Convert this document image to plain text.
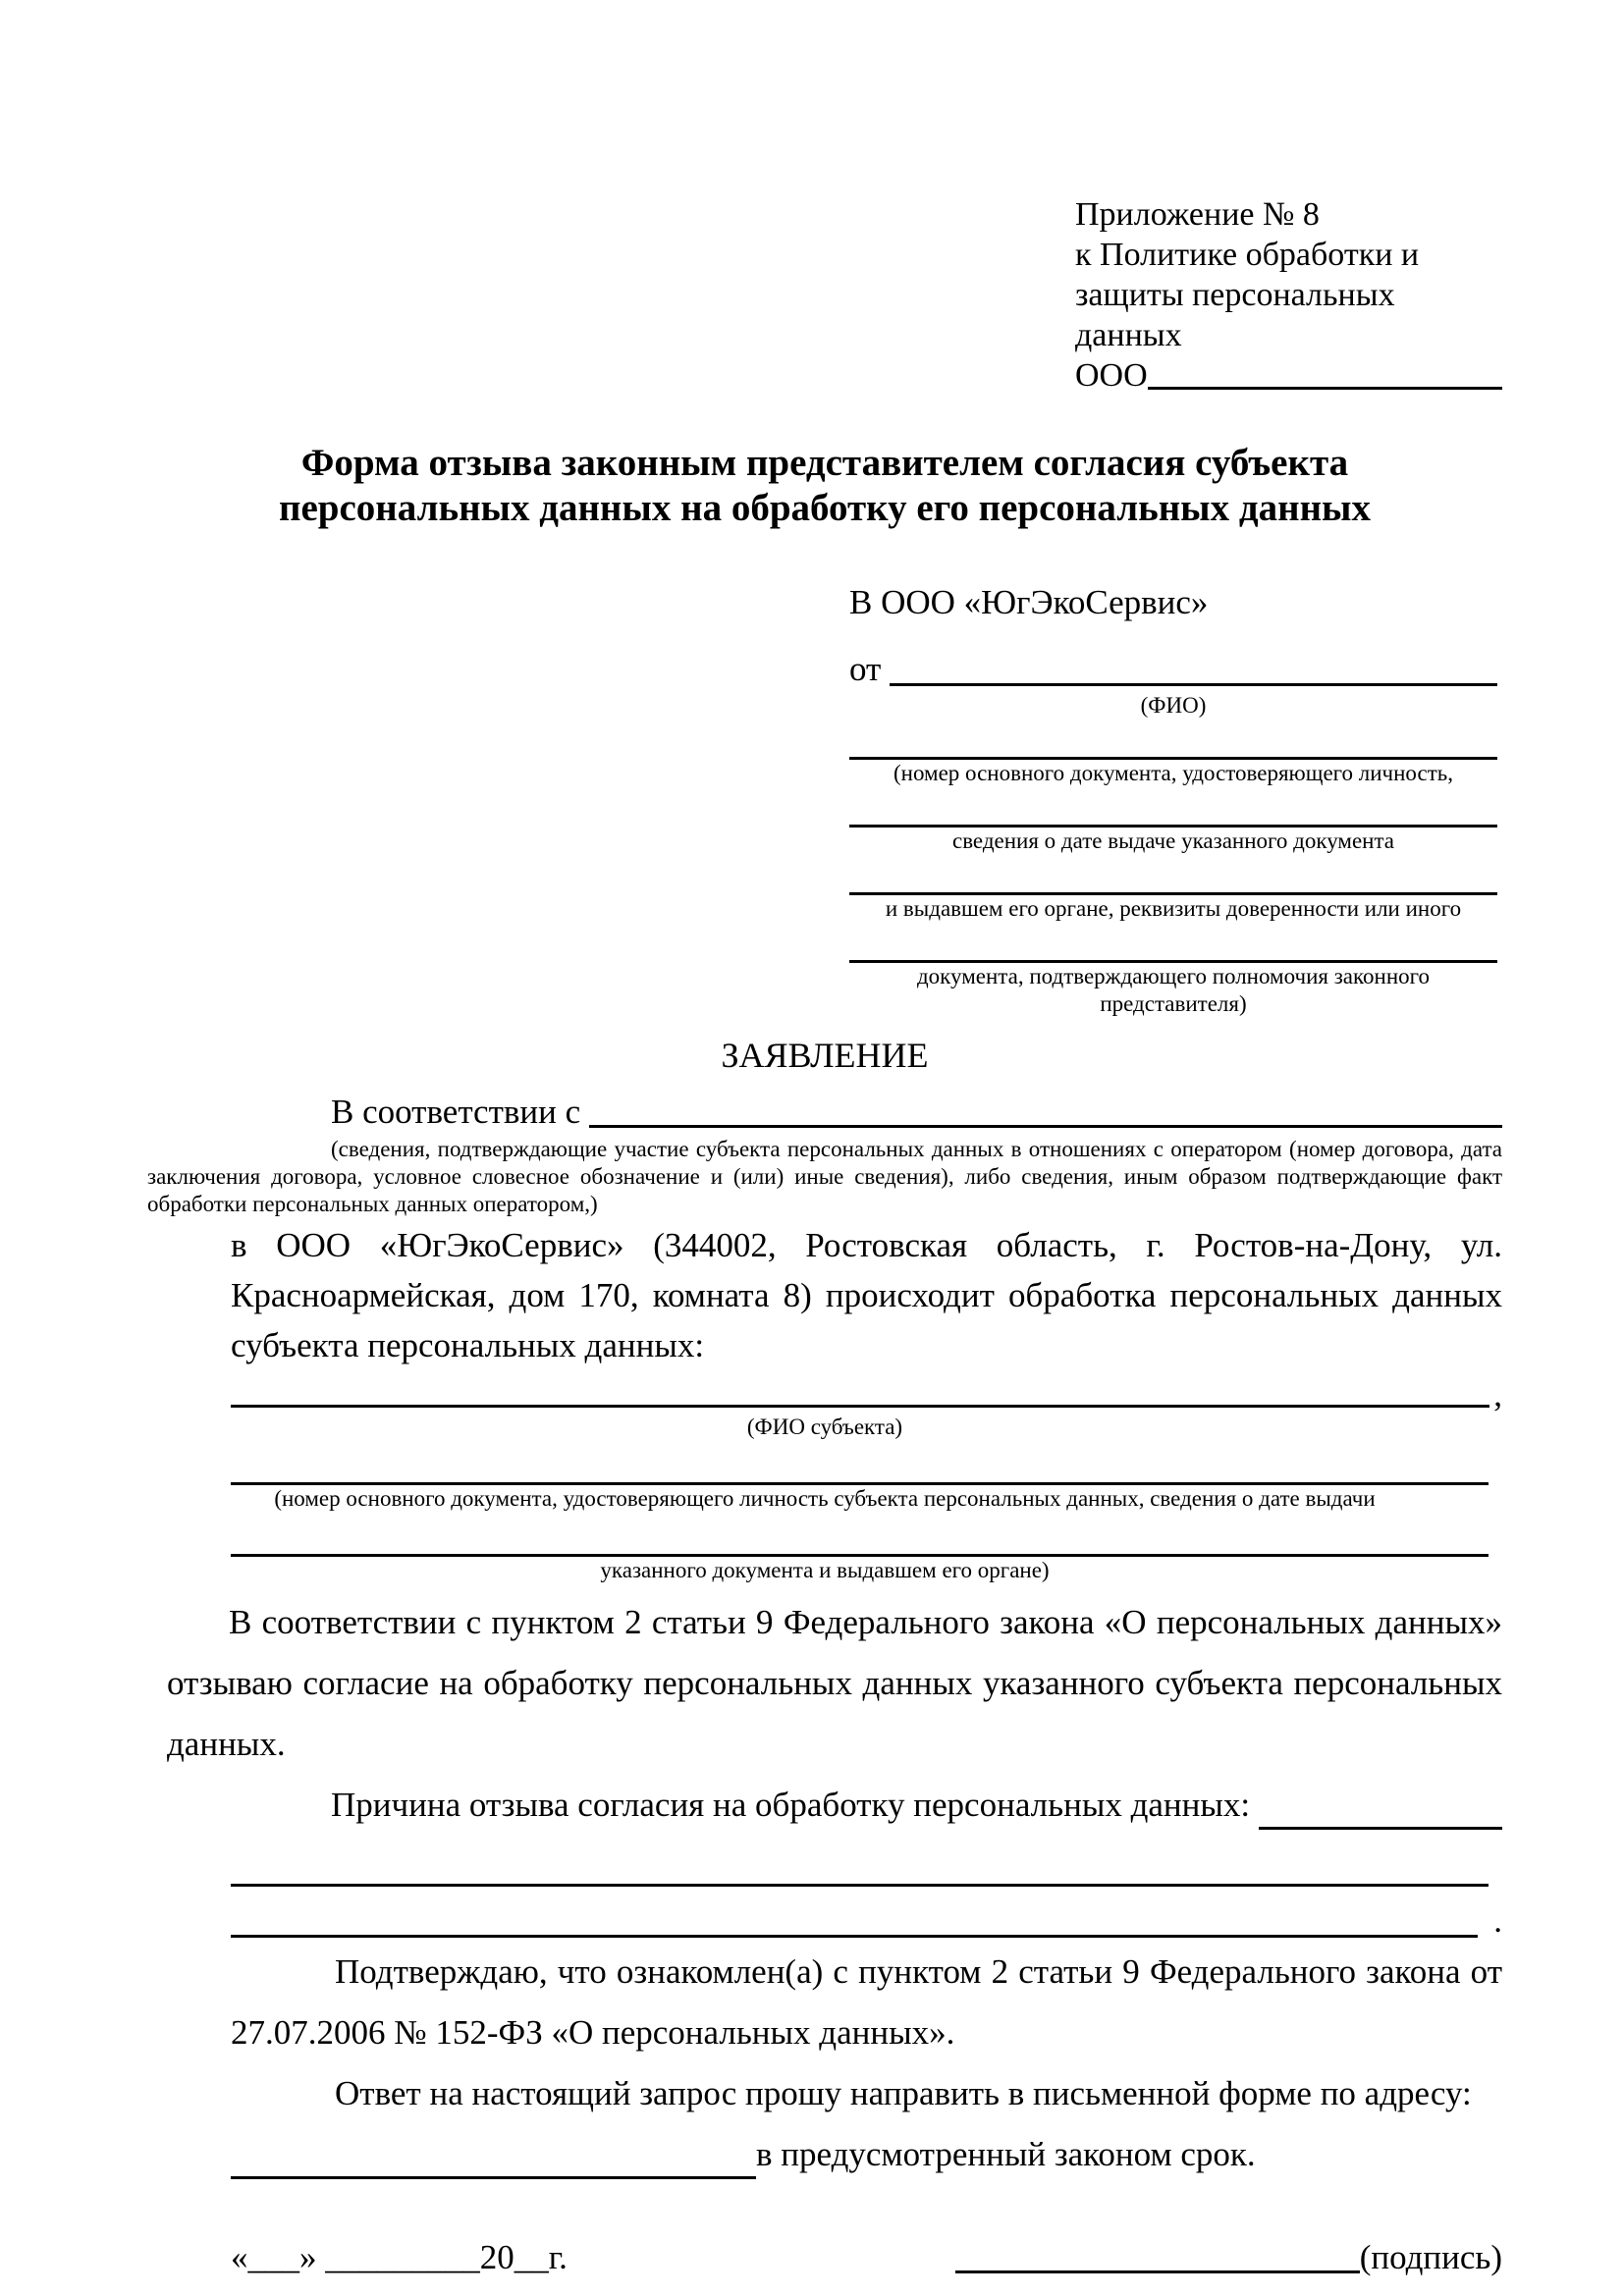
Приложение № 8
к Политике обработки и
защиты персональных данных
ООО
Форма отзыва законным представителем согласия субъекта персональных данных на обработку его персональных данных
В ООО «ЮгЭкоСервис»
от

(ФИО)
(номер основного документа, удостоверяющего личность,
сведения о дате выдаче указанного документа
и выдавшем его органе, реквизиты доверенности или иного
документа, подтверждающего полномочия законного представителя)
ЗАЯВЛЕНИЕ
В соответствии с

(сведения, подтверждающие участие субъекта персональных данных в отношениях с оператором (номер договора, дата заключения договора, условное словесное обозначение и (или) иные сведения), либо сведения, иным образом подтверждающие факт обработки персональных данных оператором,)
в ООО «ЮгЭкоСервис» (344002, Ростовская область, г. Ростов-на-Дону, ул. Красноармейская, дом 170, комната 8) происходит обработка персональных данных субъекта персональных данных:
,
(ФИО субъекта)
(номер основного документа, удостоверяющего личность субъекта персональных данных, сведения о дате выдачи
указанного документа и выдавшем его органе)
В соответствии с пунктом 2 статьи 9 Федерального закона «О персональных данных» отзываю согласие на обработку персональных данных указанного субъекта персональных данных.
Причина отзыва согласия на обработку персональных данных:

.
Подтверждаю, что ознакомлен(а) с пунктом 2 статьи 9 Федерального закона от 27.07.2006 № 152-ФЗ «О персональных данных».
Ответ на настоящий запрос прошу направить в письменной форме по адресу:
в предусмотренный законом срок.
«___» _________20__г.	(подпись)
